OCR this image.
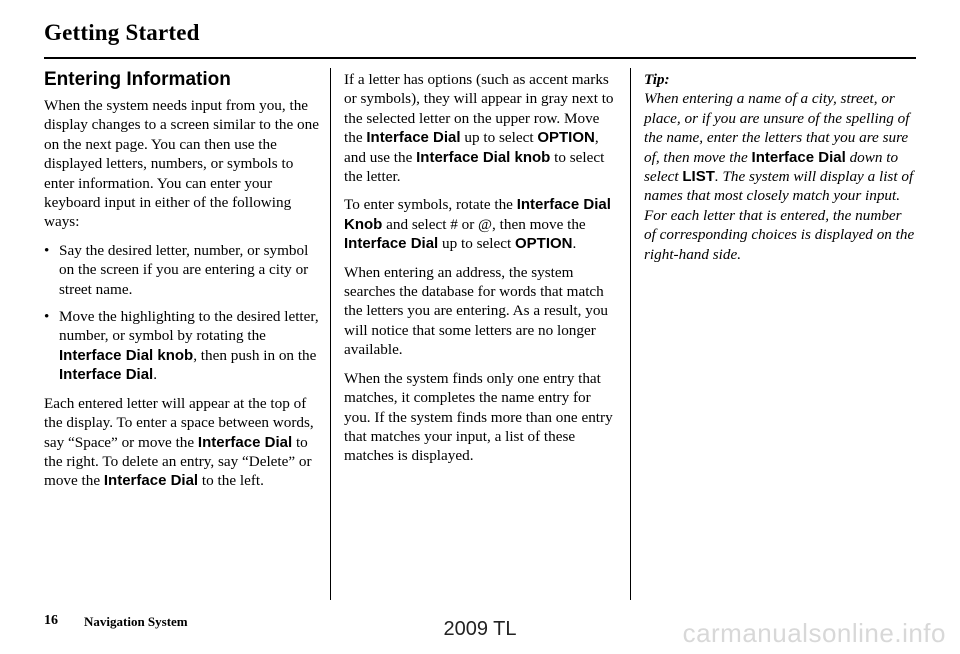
Getting Started
Entering Information

When the system needs input from you, the display changes to a screen similar to the one on the next page. You can then use the displayed letters, numbers, or symbols to enter information. You can enter your keyboard input in either of the following ways:

• Say the desired letter, number, or symbol on the screen if you are entering a city or street name.
• Move the highlighting to the desired letter, number, or symbol by rotating the Interface Dial knob, then push in on the Interface Dial.

Each entered letter will appear at the top of the display. To enter a space between words, say “Space” or move the Interface Dial to the right. To delete an entry, say “Delete” or move the Interface Dial to the left.

If a letter has options (such as accent marks or symbols), they will appear in gray next to the selected letter on the upper row. Move the Interface Dial up to select OPTION, and use the Interface Dial knob to select the letter.

To enter symbols, rotate the Interface Dial Knob and select # or @, then move the Interface Dial up to select OPTION.

When entering an address, the system searches the database for words that match the letters you are entering. As a result, you will notice that some letters are no longer available.

When the system finds only one entry that matches, it completes the name entry for you. If the system finds more than one entry that matches your input, a list of these matches is displayed.

Tip:

When entering a name of a city, street, or place, or if you are unsure of the spelling of the name, enter the letters that you are sure of, then move the Interface Dial down to select LIST. The system will display a list of names that most closely match your input. For each letter that is entered, the number of corresponding choices is displayed on the right-hand side.

16 Navigation System	2009 TL	carmanualsonline.info
